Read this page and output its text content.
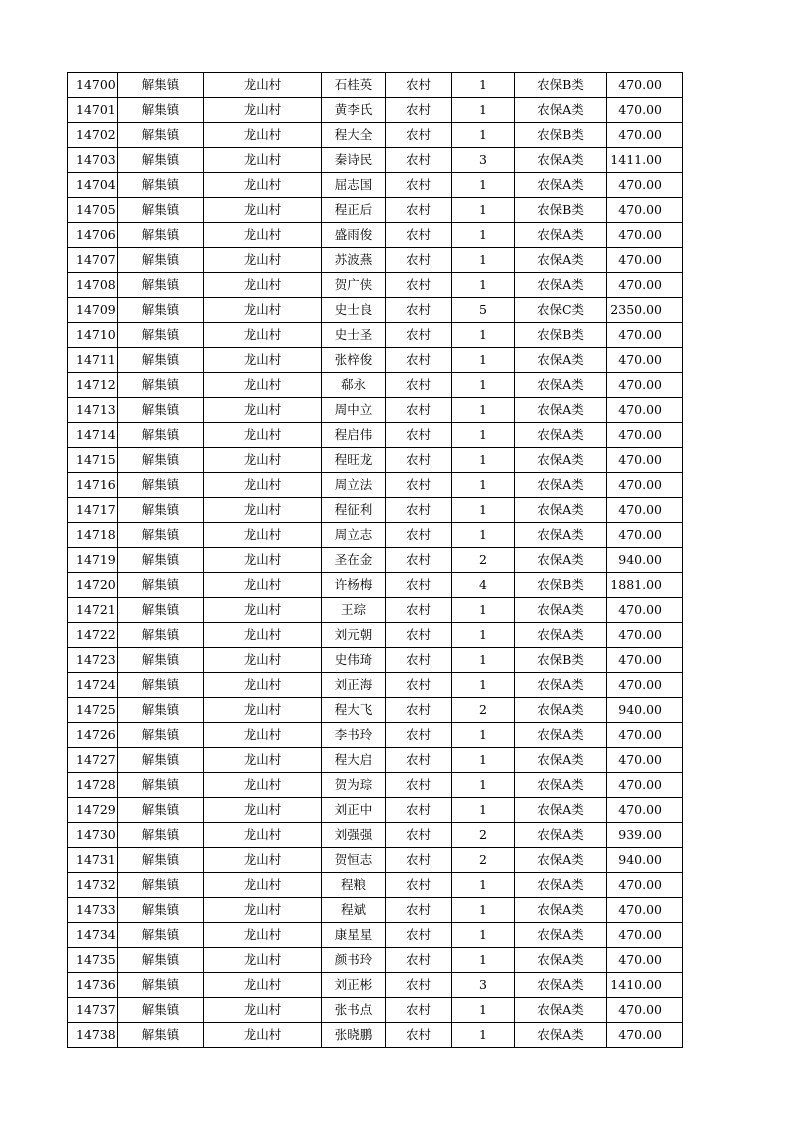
14700	解集镇	龙山村	石桂英	农村	1	农保B类	470.00
14701	解集镇	龙山村	黄李氏	农村	1	农保A类	470.00
14702	解集镇	龙山村	程大全	农村	1	农保B类	470.00
14703	解集镇	龙山村	秦诗民	农村	3	农保A类	1411.00
14704	解集镇	龙山村	屈志国	农村	1	农保A类	470.00
14705	解集镇	龙山村	程正后	农村	1	农保B类	470.00
14706	解集镇	龙山村	盛雨俊	农村	1	农保A类	470.00
14707	解集镇	龙山村	苏波燕	农村	1	农保A类	470.00
14708	解集镇	龙山村	贺广侠	农村	1	农保A类	470.00
14709	解集镇	龙山村	史士良	农村	5	农保C类	2350.00
14710	解集镇	龙山村	史士圣	农村	1	农保B类	470.00
14711	解集镇	龙山村	张梓俊	农村	1	农保A类	470.00
14712	解集镇	龙山村	郗永	农村	1	农保A类	470.00
14713	解集镇	龙山村	周中立	农村	1	农保A类	470.00
14714	解集镇	龙山村	程启伟	农村	1	农保A类	470.00
14715	解集镇	龙山村	程旺龙	农村	1	农保A类	470.00
14716	解集镇	龙山村	周立法	农村	1	农保A类	470.00
14717	解集镇	龙山村	程征利	农村	1	农保A类	470.00
14718	解集镇	龙山村	周立志	农村	1	农保A类	470.00
14719	解集镇	龙山村	圣在金	农村	2	农保A类	940.00
14720	解集镇	龙山村	许杨梅	农村	4	农保B类	1881.00
14721	解集镇	龙山村	王琮	农村	1	农保A类	470.00
14722	解集镇	龙山村	刘元朝	农村	1	农保A类	470.00
14723	解集镇	龙山村	史伟琦	农村	1	农保B类	470.00
14724	解集镇	龙山村	刘正海	农村	1	农保A类	470.00
14725	解集镇	龙山村	程大飞	农村	2	农保A类	940.00
14726	解集镇	龙山村	李书玲	农村	1	农保A类	470.00
14727	解集镇	龙山村	程大启	农村	1	农保A类	470.00
14728	解集镇	龙山村	贺为琮	农村	1	农保A类	470.00
14729	解集镇	龙山村	刘正中	农村	1	农保A类	470.00
14730	解集镇	龙山村	刘强强	农村	2	农保A类	939.00
14731	解集镇	龙山村	贺恒志	农村	2	农保A类	940.00
14732	解集镇	龙山村	程粮	农村	1	农保A类	470.00
14733	解集镇	龙山村	程斌	农村	1	农保A类	470.00
14734	解集镇	龙山村	康星星	农村	1	农保A类	470.00
14735	解集镇	龙山村	颜书玲	农村	1	农保A类	470.00
14736	解集镇	龙山村	刘正彬	农村	3	农保A类	1410.00
14737	解集镇	龙山村	张书点	农村	1	农保A类	470.00
14738	解集镇	龙山村	张晓鹏	农村	1	农保A类	470.00
